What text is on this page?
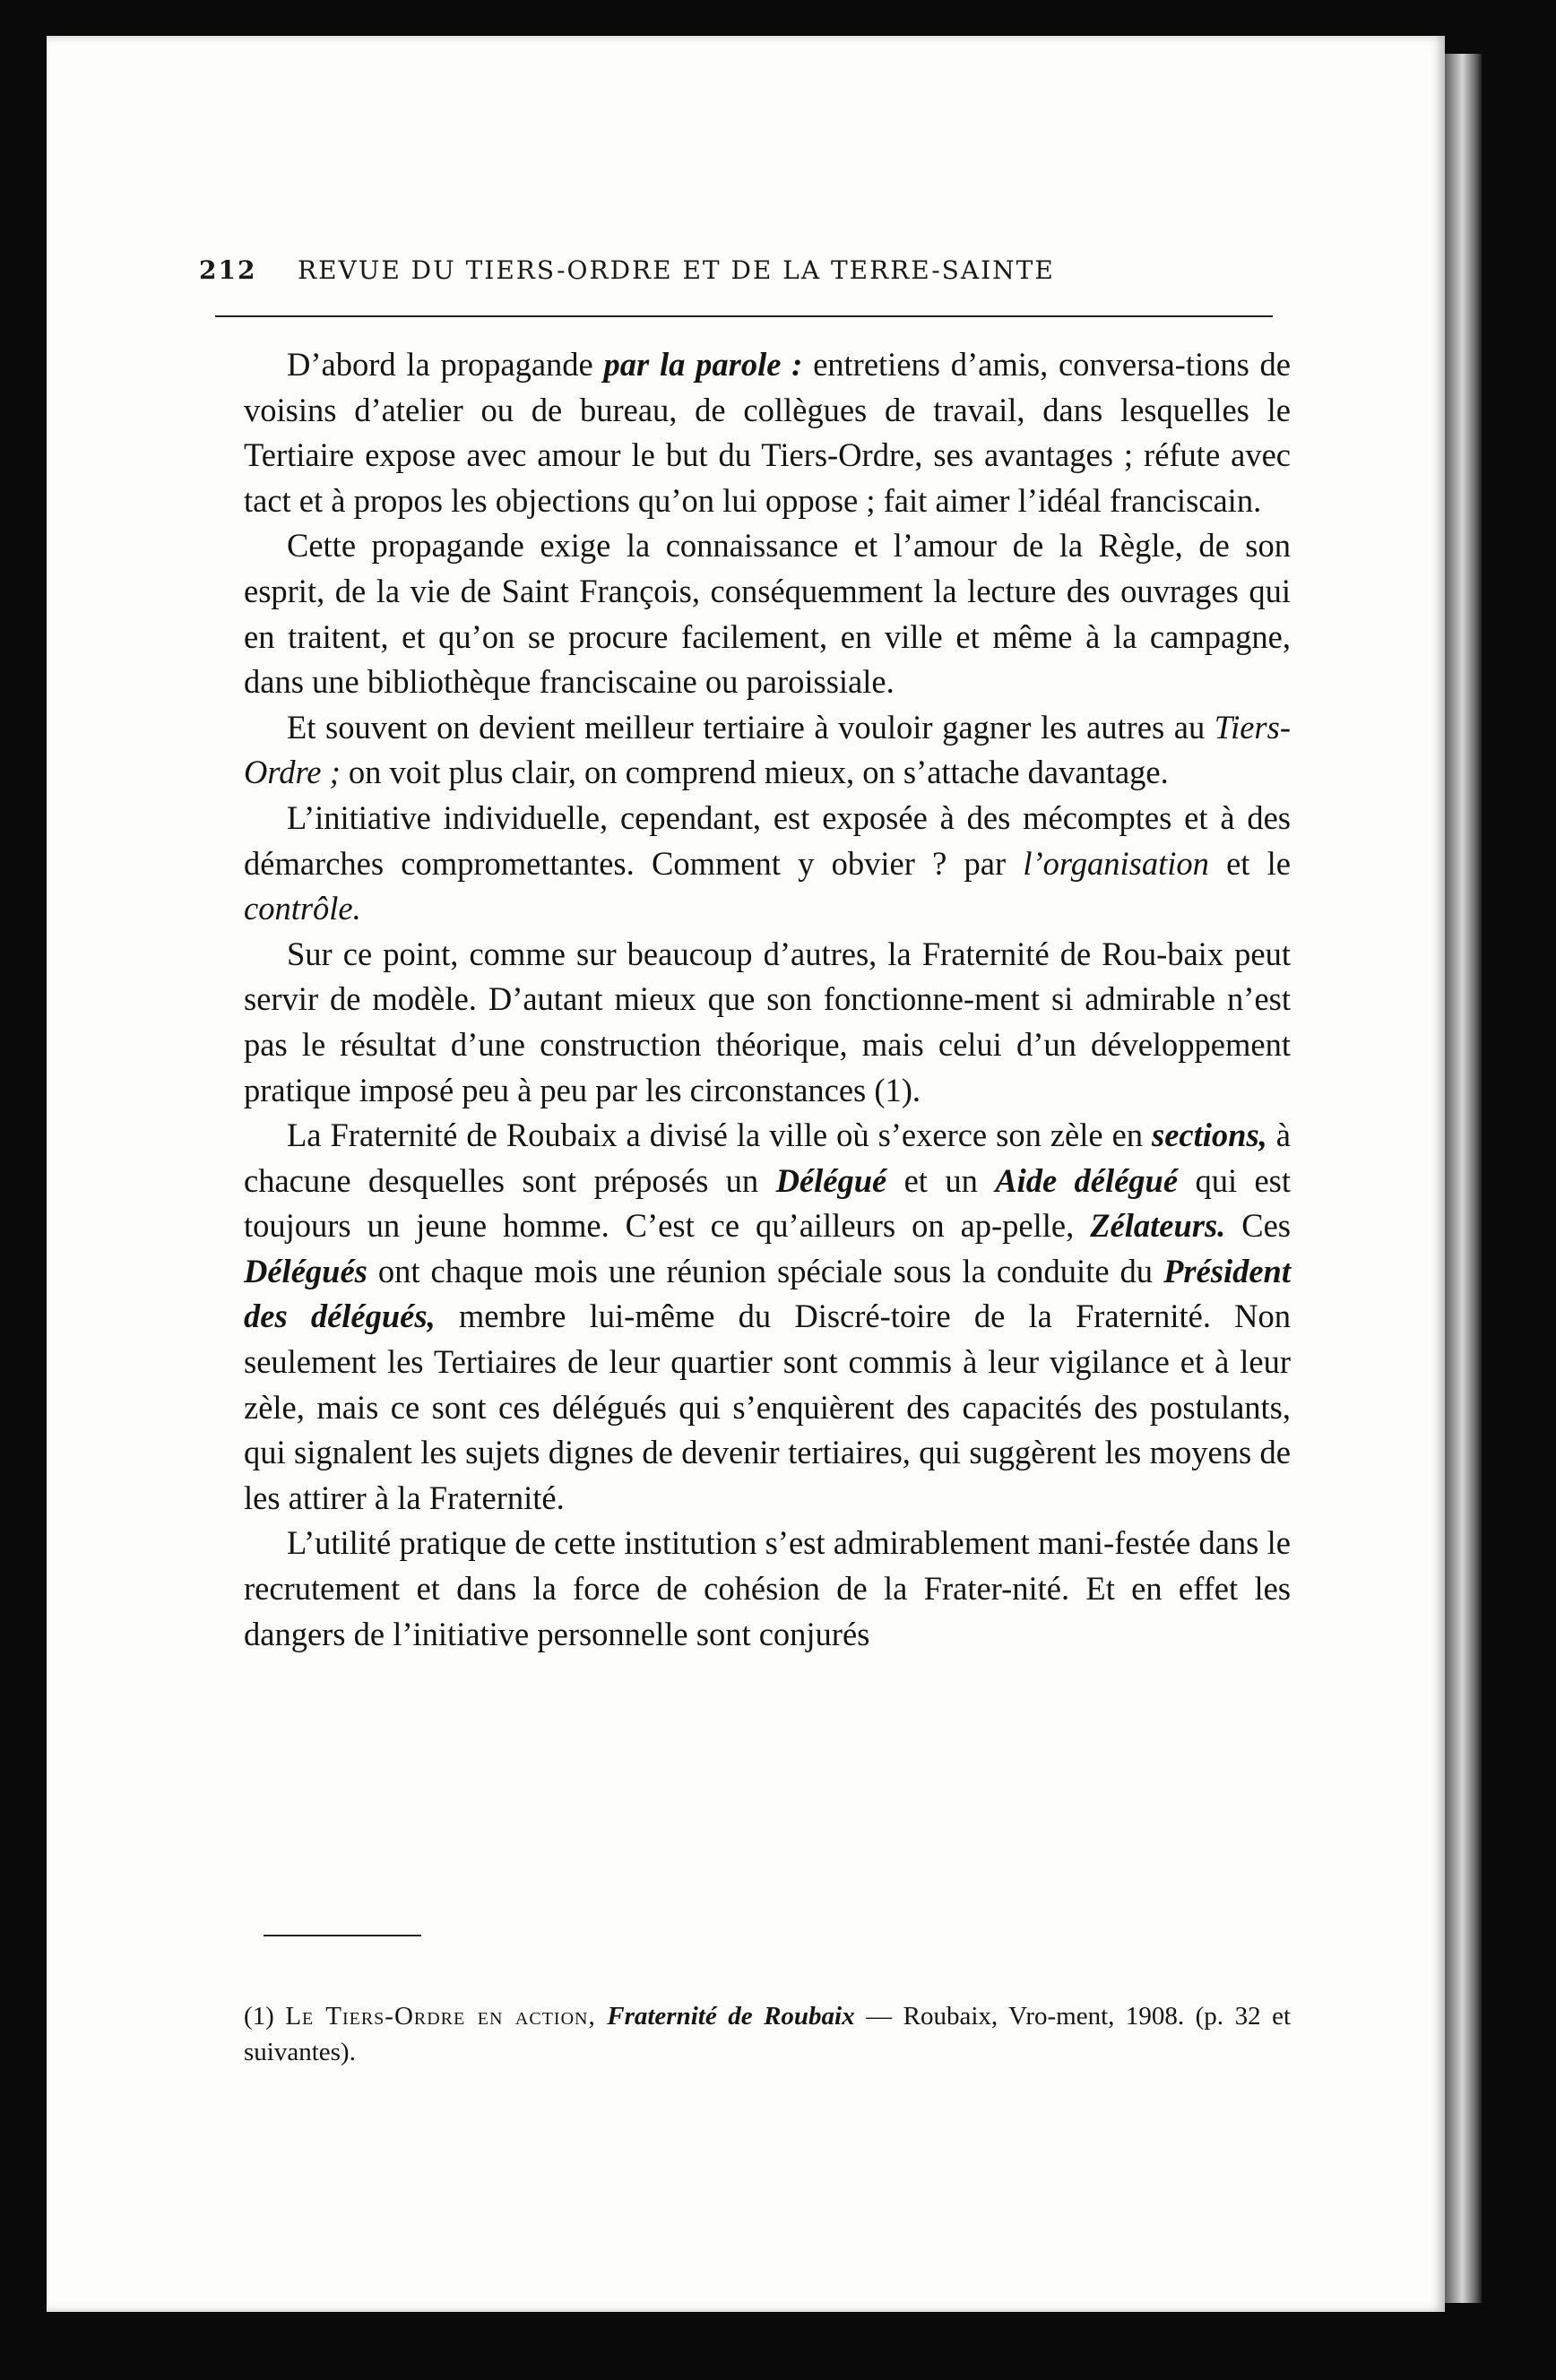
212 REVUE DU TIERS-ORDRE ET DE LA TERRE-SAINTE

D’abord la propagande par la parole : entretiens d’amis, conversa-tions de voisins d’atelier ou de bureau, de collègues de travail, dans lesquelles le Tertiaire expose avec amour le but du Tiers-Ordre, ses avantages ; réfute avec tact et à propos les objections qu’on lui oppose ; fait aimer l’idéal franciscain.

Cette propagande exige la connaissance et l’amour de la Règle, de son esprit, de la vie de Saint François, conséquemment la lecture des ouvrages qui en traitent, et qu’on se procure facilement, en ville et même à la campagne, dans une bibliothèque franciscaine ou paroissiale.

Et souvent on devient meilleur tertiaire à vouloir gagner les autres au Tiers-Ordre ; on voit plus clair, on comprend mieux, on s’attache davantage.

L’initiative individuelle, cependant, est exposée à des mécomptes et à des démarches compromettantes. Comment y obvier ? par l’organisation et le contrôle.

Sur ce point, comme sur beaucoup d’autres, la Fraternité de Rou-baix peut servir de modèle. D’autant mieux que son fonctionne-ment si admirable n’est pas le résultat d’une construction théorique, mais celui d’un développement pratique imposé peu à peu par les circonstances (1).

La Fraternité de Roubaix a divisé la ville où s’exerce son zèle en sections, à chacune desquelles sont préposés un Délégué et un Aide délégué qui est toujours un jeune homme. C’est ce qu’ailleurs on ap-pelle, Zélateurs. Ces Délégués ont chaque mois une réunion spéciale sous la conduite du Président des délégués, membre lui-même du Discré-toire de la Fraternité. Non seulement les Tertiaires de leur quartier sont commis à leur vigilance et à leur zèle, mais ce sont ces délégués qui s’enquièrent des capacités des postulants, qui signalent les sujets dignes de devenir tertiaires, qui suggèrent les moyens de les attirer à la Fraternité.

L’utilité pratique de cette institution s’est admirablement mani-festée dans le recrutement et dans la force de cohésion de la Frater-nité. Et en effet les dangers de l’initiative personnelle sont conjurés

(1) Le Tiers-Ordre en action, Fraternité de Roubaix — Roubaix, Vro-ment, 1908. (p. 32 et suivantes).
